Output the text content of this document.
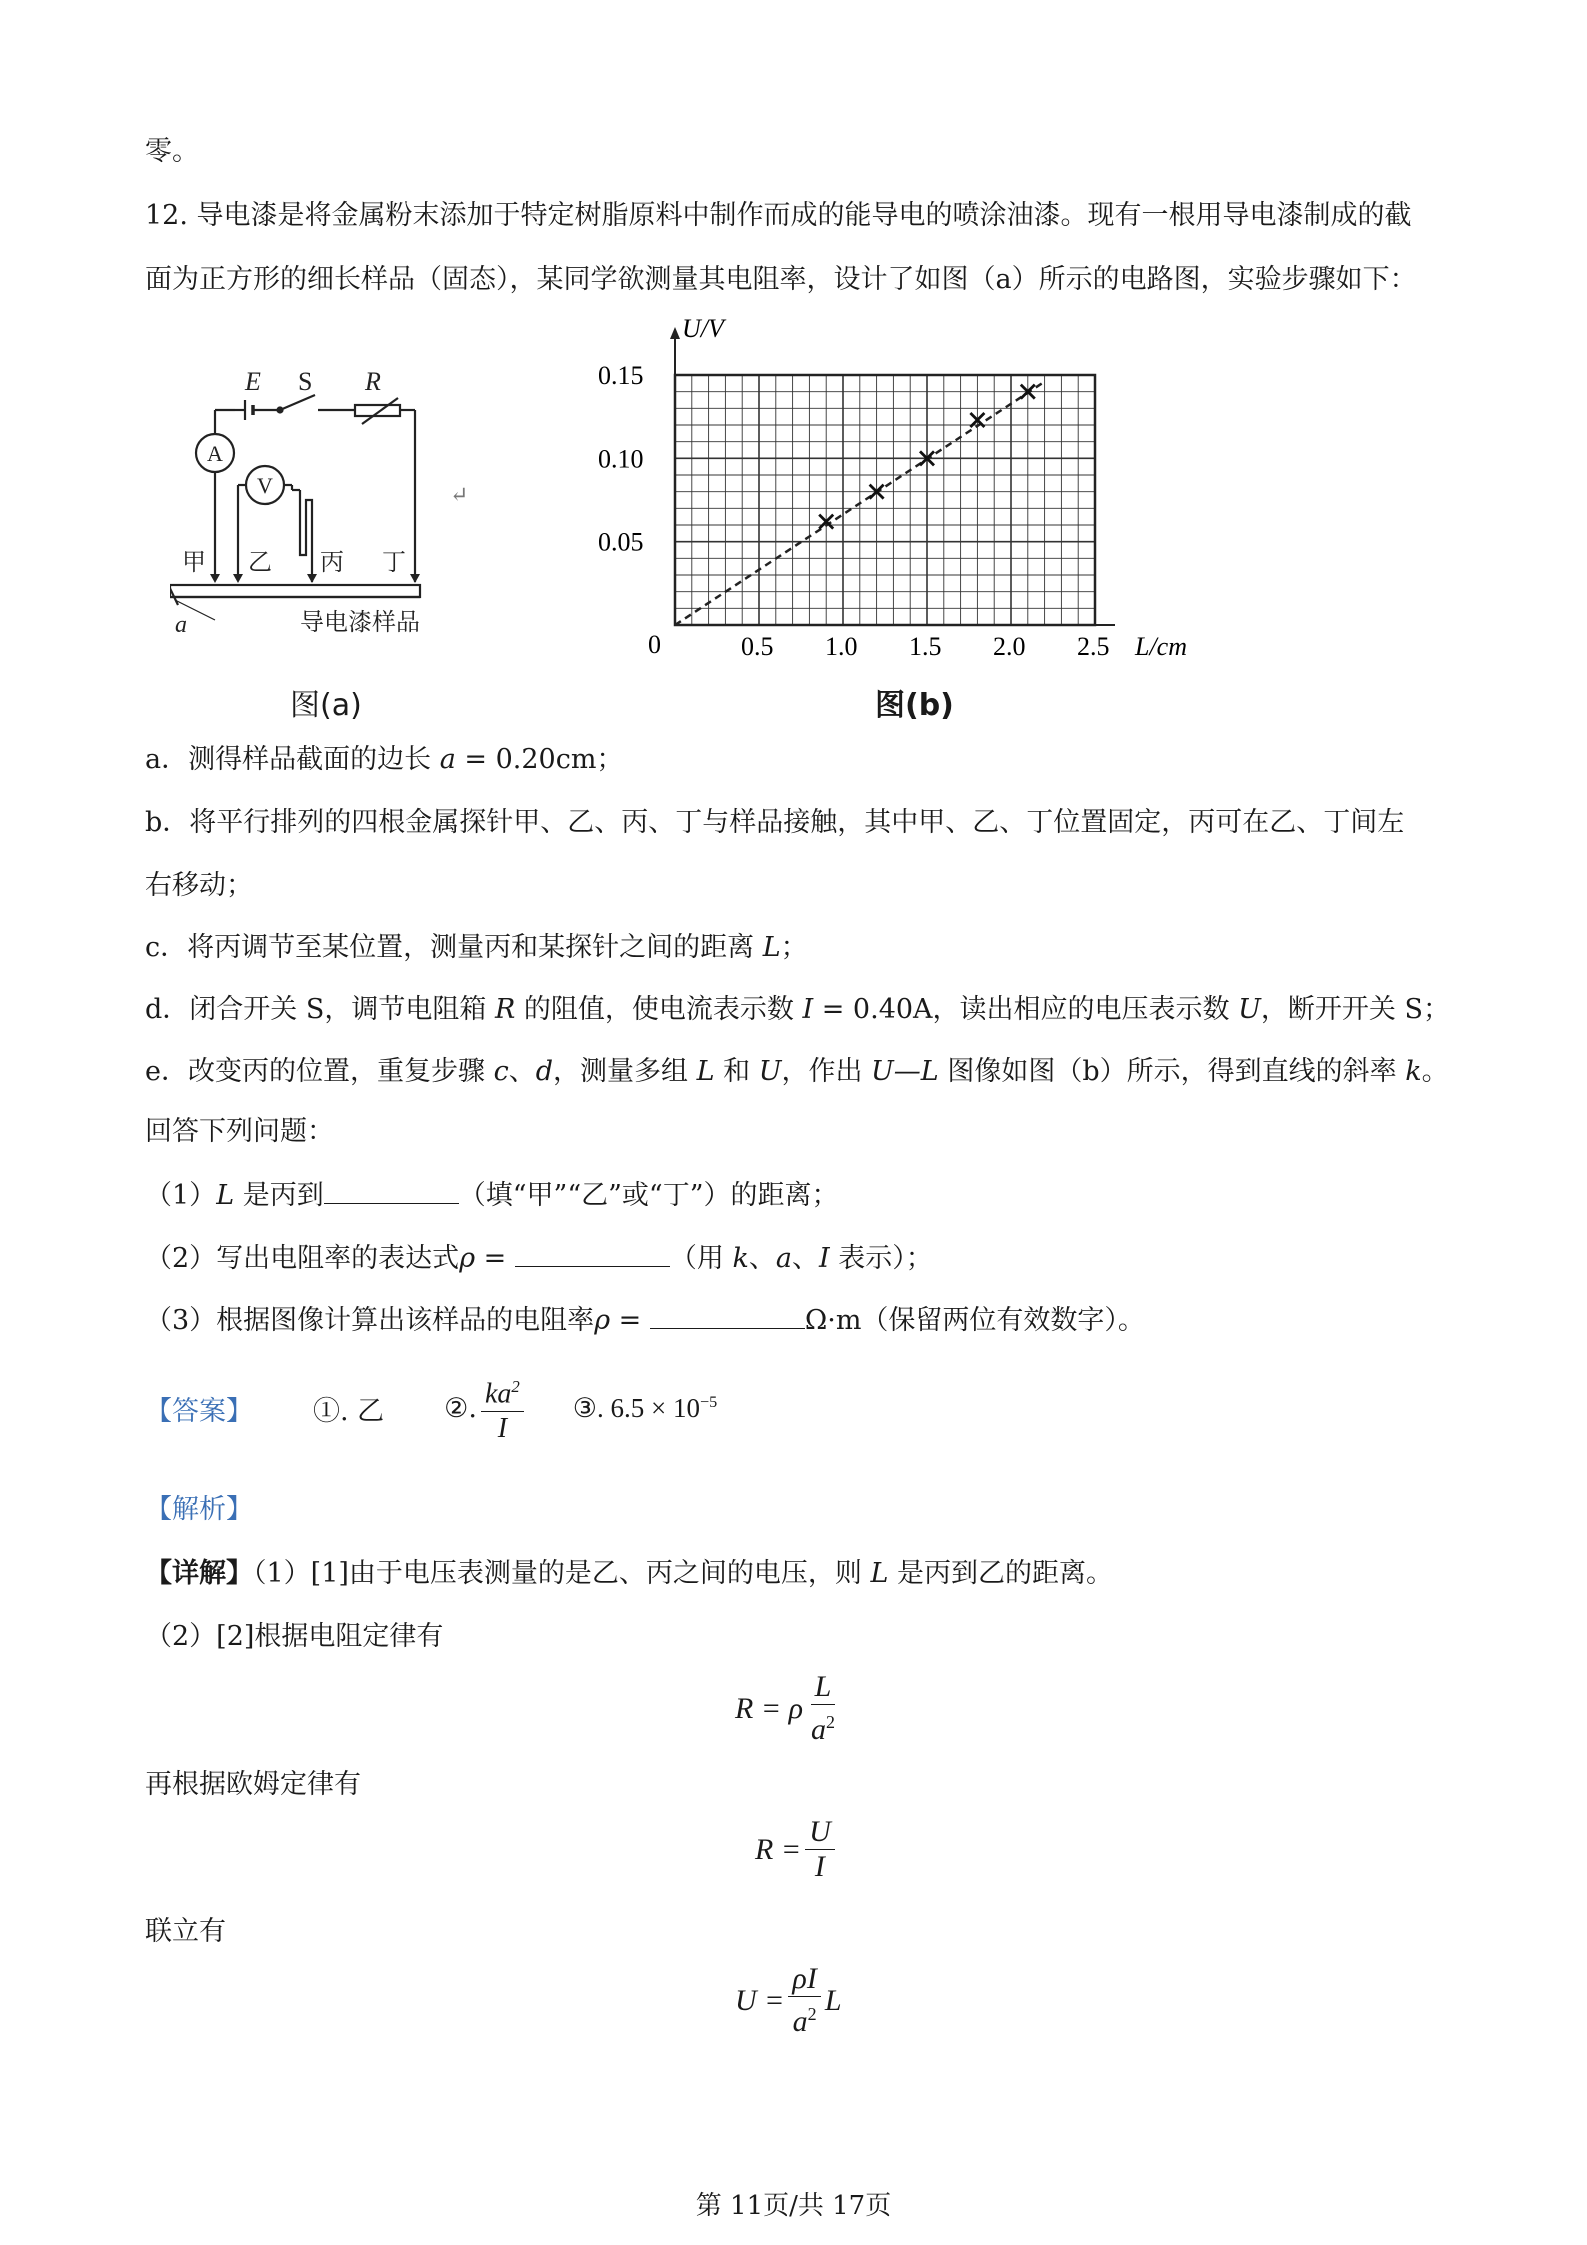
零。
12. 导电漆是将金属粉末添加于特定树脂原料中制作而成的能导电的喷涂油漆。现有一根用导电漆制成的截
面为正方形的细长样品（固态），某同学欲测量其电阻率，设计了如图（a）所示的电路图，实验步骤如下：
E S R
A
V
甲 乙 丙 丁
a	导电漆样品
↵
图(a)
U/V
L/cm
0	0.5 1.0 1.5 2.0 2.5
0.05
0.10
0.15
图(b)
a．测得样品截面的边长 a = 0.20cm；
b．将平行排列的四根金属探针甲、乙、丙、丁与样品接触，其中甲、乙、丁位置固定，丙可在乙、丁间左
右移动；
c．将丙调节至某位置，测量丙和某探针之间的距离 L；
d．闭合开关 S，调节电阻箱 R 的阻值，使电流表示数 I = 0.40A，读出相应的电压表示数 U，断开开关 S；
e．改变丙的位置，重复步骤 c、d，测量多组 L 和 U，作出 U—L 图像如图（b）所示，得到直线的斜率 k。
回答下列问题：
（1）L 是丙到	（填“甲”“乙”或“丁”）的距离；
（2）写出电阻率的表达式ρ =	（用 k、a、I 表示）；
（3）根据图像计算出该样品的电阻率ρ =	Ω·m（保留两位有效数字）。
【答案】 ①. 乙 ②. $\frac{ka^2}{I}$ ③. $6.5 \times 10^{-5}$
【解析】
【详解】（1）[1]由于电压表测量的是乙、丙之间的电压，则 L 是丙到乙的距离。
（2）[2]根据电阻定律有
R = ρ $\frac{L}{a^2}$
再根据欧姆定律有
$R = \frac{U}{I}$
联立有
$U = \frac{\rho I}{a^2}$ L
第 11页/共 17页
